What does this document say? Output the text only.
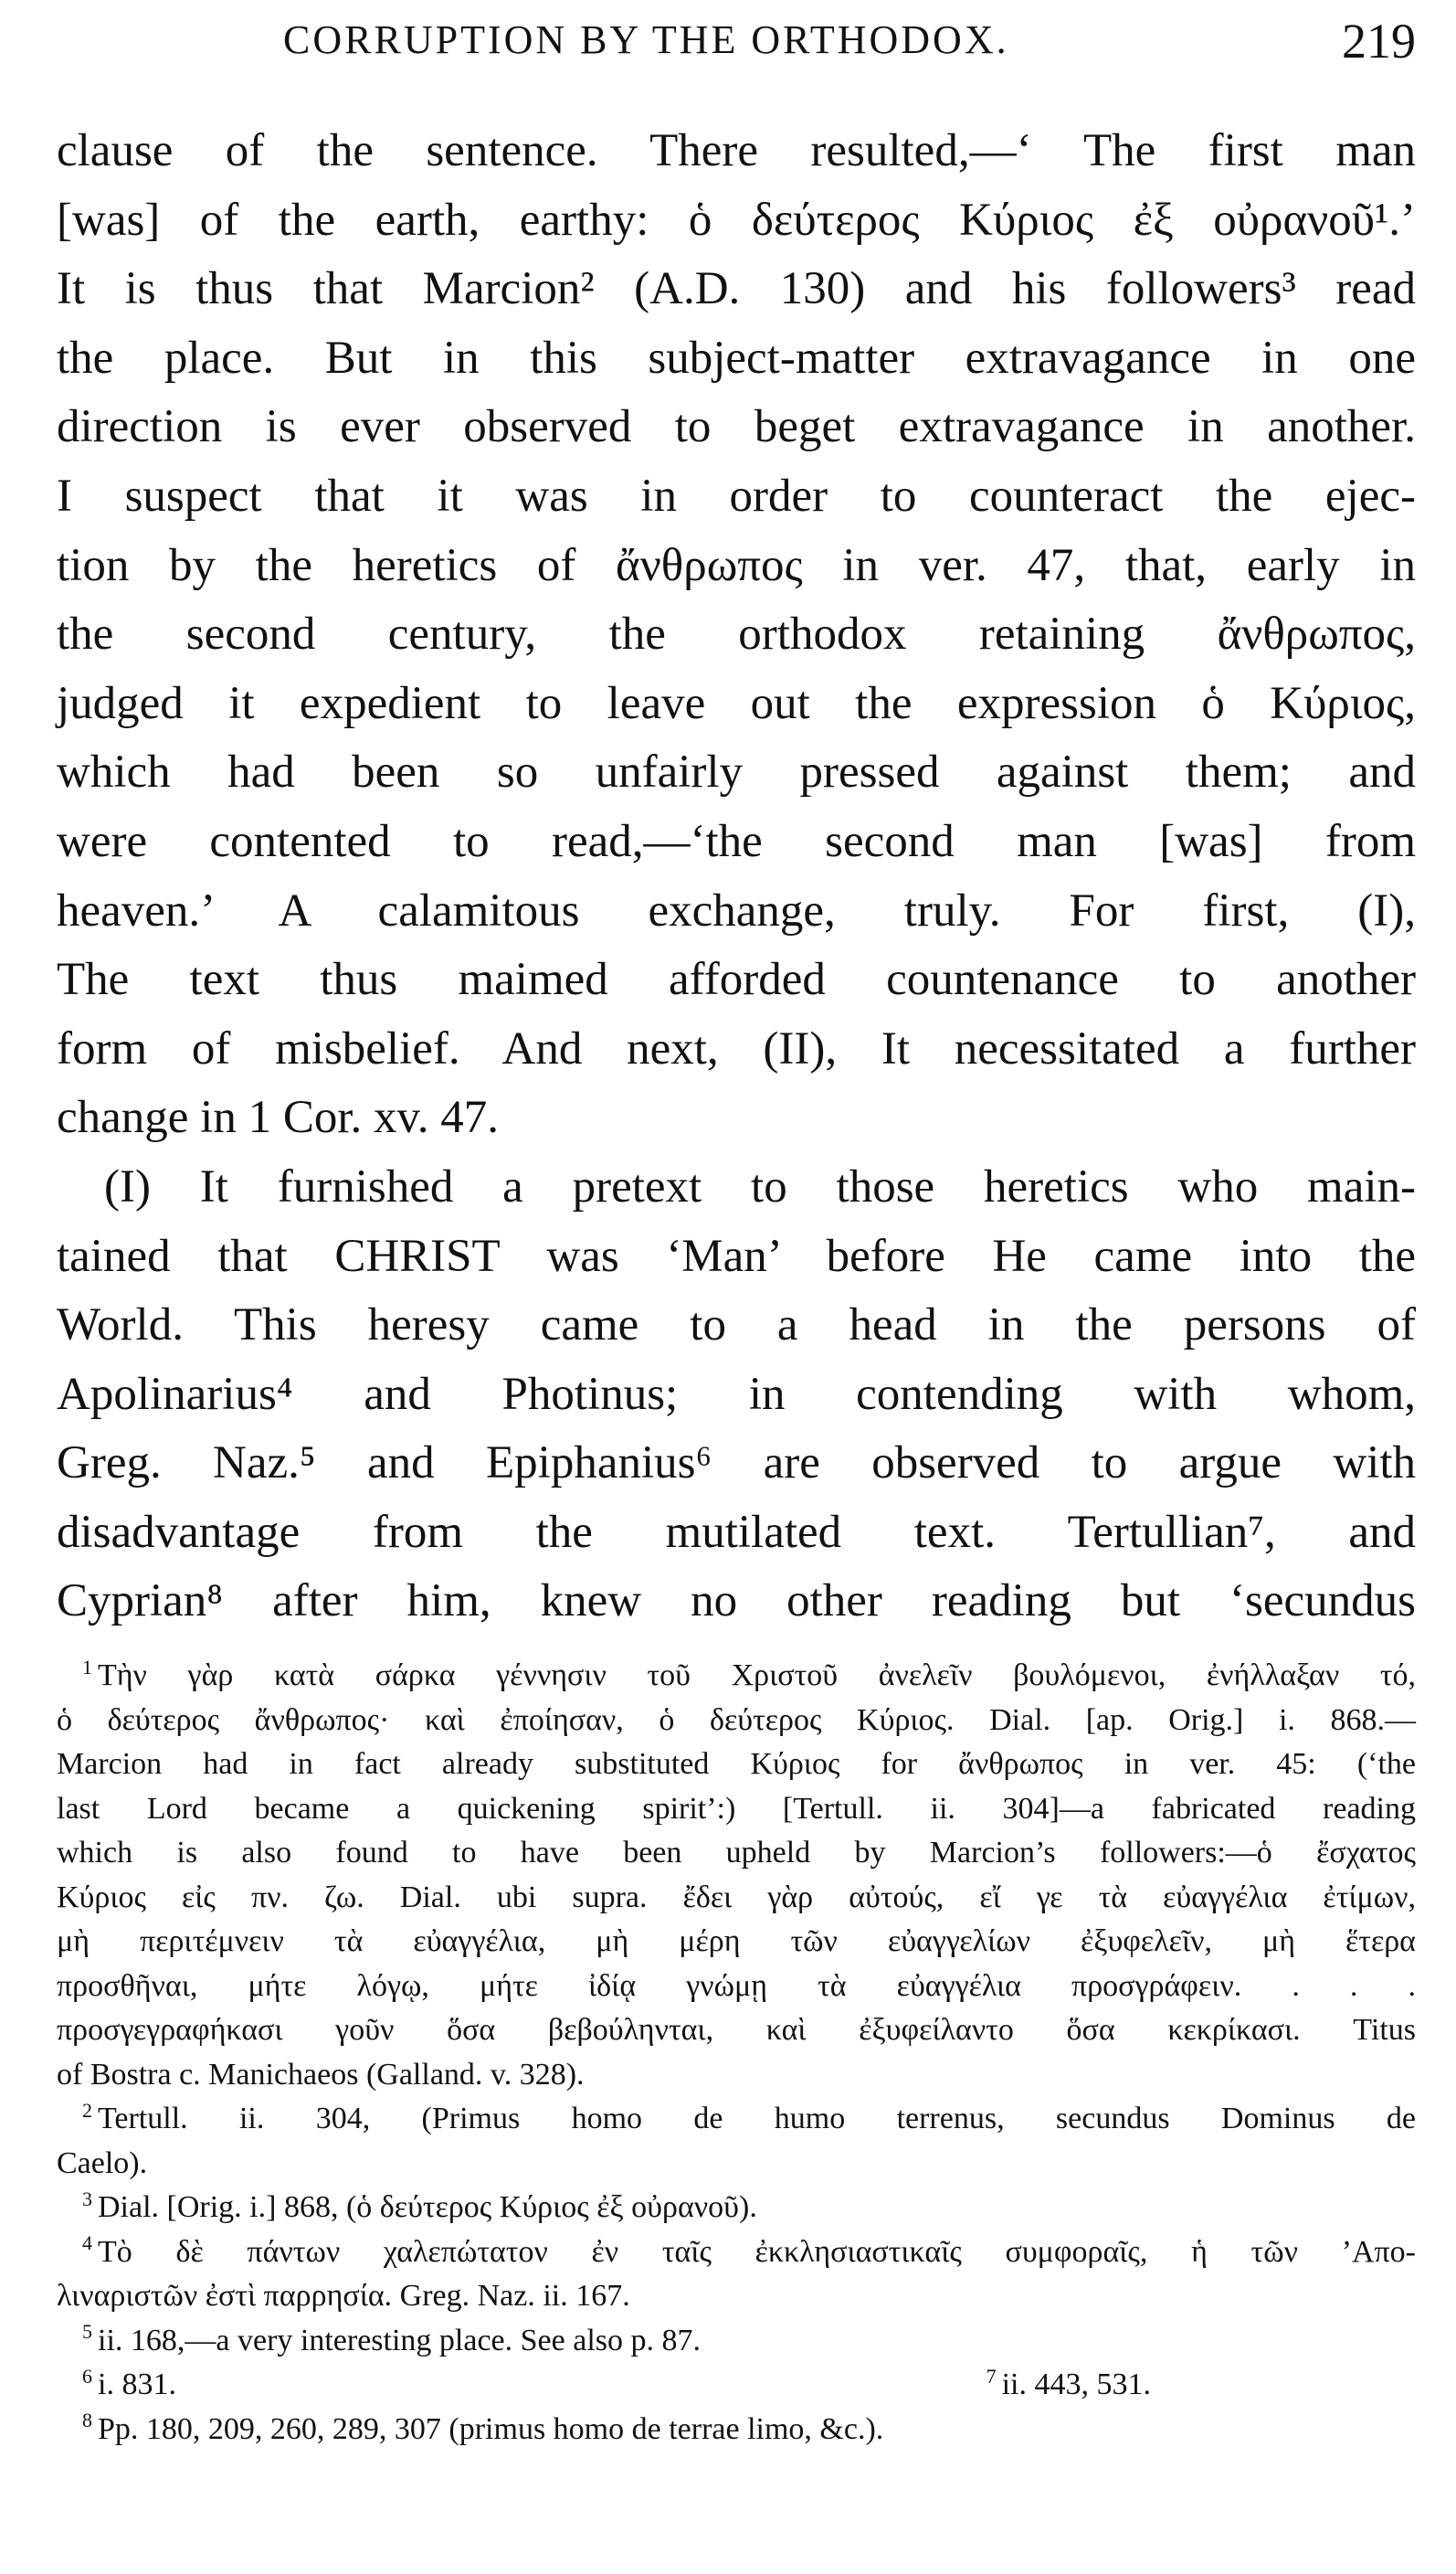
CORRUPTION BY THE ORTHODOX.	219
clause of the sentence. There resulted,—‘ The first man
[was] of the earth, earthy: ὁ δεύτερος Κύριος ἐξ οὐρανοῦ¹.’
It is thus that Marcion² (A.D. 130) and his followers³ read
the place. But in this subject-matter extravagance in one
direction is ever observed to beget extravagance in another.
I suspect that it was in order to counteract the ejec-
tion by the heretics of ἄνθρωπος in ver. 47, that, early in
the second century, the orthodox retaining ἄνθρωπος,
judged it expedient to leave out the expression ὁ Κύριος,
which had been so unfairly pressed against them; and
were contented to read,—‘the second man [was] from
heaven.’ A calamitous exchange, truly. For first, (I),
The text thus maimed afforded countenance to another
form of misbelief. And next, (II), It necessitated a further
change in 1 Cor. xv. 47.
(I) It furnished a pretext to those heretics who main-
tained that CHRIST was ‘Man’ before He came into the
World. This heresy came to a head in the persons of
Apolinarius⁴ and Photinus; in contending with whom,
Greg. Naz.⁵ and Epiphanius⁶ are observed to argue with
disadvantage from the mutilated text. Tertullian⁷, and
Cyprian⁸ after him, knew no other reading but ‘secundus
$^1$ Τὴν γὰρ κατὰ σάρκα γέννησιν τοῦ Χριστοῦ ἀνελεῖν βουλόμενοι, ἐνήλλαξαν τό,
ὁ δεύτερος ἄνθρωπος· καὶ ἐποίησαν, ὁ δεύτερος Κύριος. Dial. [ap. Orig.] i. 868.—
Marcion had in fact already substituted Κύριος for ἄνθρωπος in ver. 45: (‘the
last Lord became a quickening spirit’:) [Tertull. ii. 304]—a fabricated reading
which is also found to have been upheld by Marcion’s followers:—ὁ ἔσχατος
Κύριος εἰς πν. ζω. Dial. ubi supra. ἔδει γὰρ αὐτούς, εἴ γε τὰ εὐαγγέλια ἐτίμων,
μὴ περιτέμνειν τὰ εὐαγγέλια, μὴ μέρη τῶν εὐαγγελίων ἐξυφελεῖν, μὴ ἕτερα
προσθῆναι, μήτε λόγῳ, μήτε ἰδίᾳ γνώμῃ τὰ εὐαγγέλια προσγράφειν. . . .
προσγεγραφήκασι γοῦν ὅσα βεβούληνται, καὶ ἐξυφείλαντο ὅσα κεκρίκασι. Titus
of Bostra c. Manichaeos (Galland. v. 328).
$^2$ Tertull. ii. 304, (Primus homo de humo terrenus, secundus Dominus de
Caelo).
$^3$ Dial. [Orig. i.] 868, (ὁ δεύτερος Κύριος ἐξ οὐρανοῦ).
$^4$ Τὸ δὲ πάντων χαλεπώτατον ἐν ταῖς ἐκκλησιαστικαῖς συμφοραῖς, ἡ τῶν ’Απο-
λιναριστῶν ἐστὶ παρρησία. Greg. Naz. ii. 167.
$^5$ ii. 168,—a very interesting place. See also p. 87.
$^6$ i. 831.	$^7$ ii. 443, 531.
$^8$ Pp. 180, 209, 260, 289, 307 (primus homo de terrae limo, &c.).
